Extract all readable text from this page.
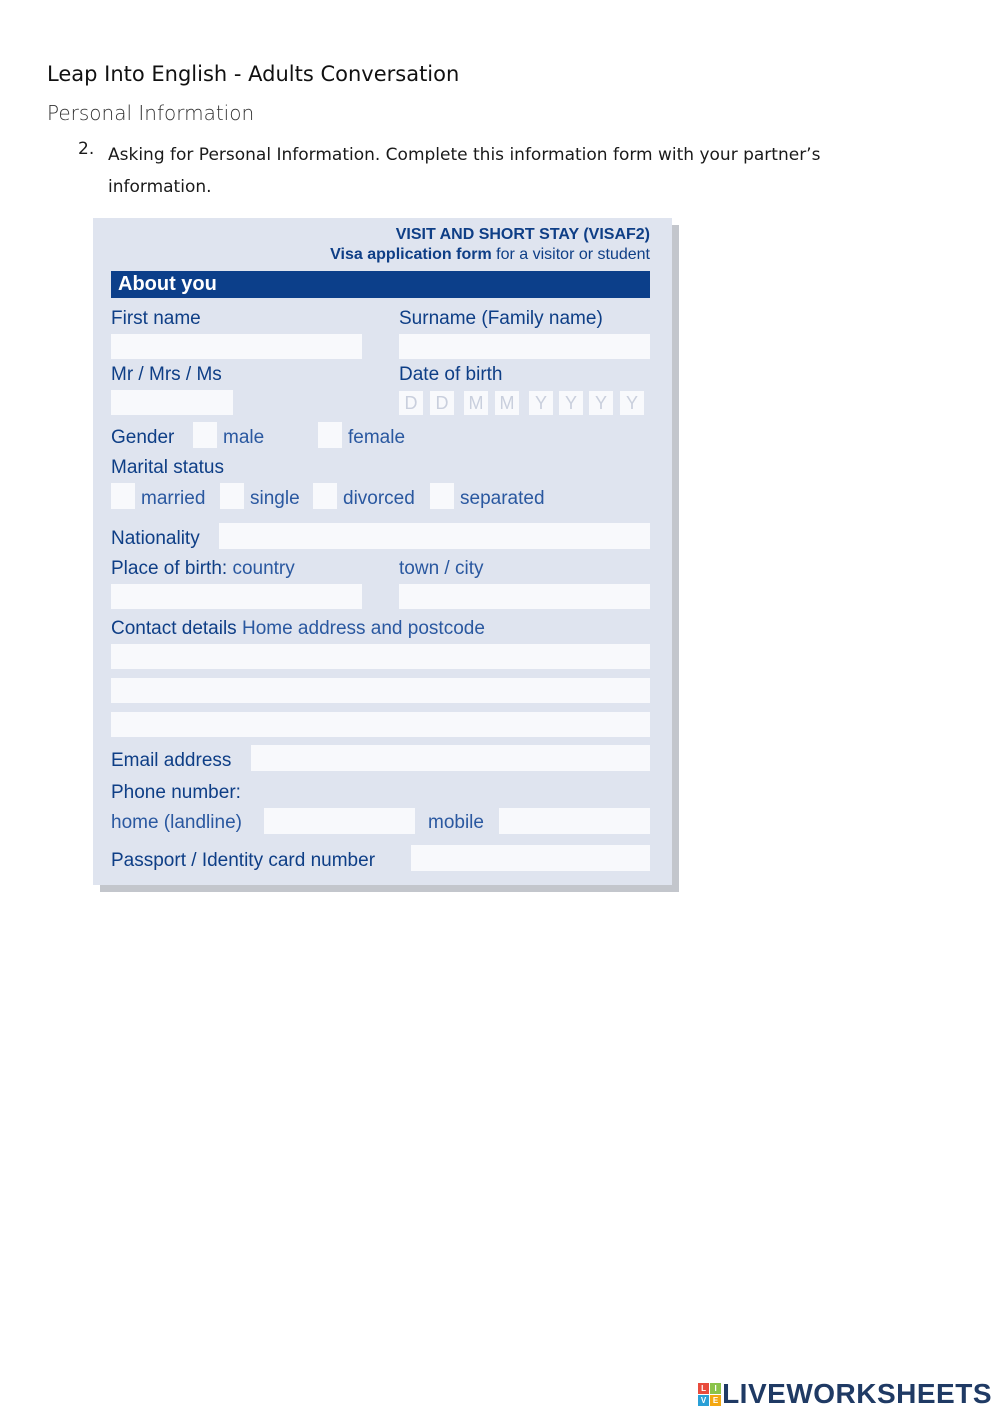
Leap Into English - Adults Conversation
Personal Information
2. Asking for Personal Information. Complete this information form with your partner’s information.
VISIT AND SHORT STAY (VISAF2)
Visa application form for a visitor or student
About you
First name	Surname (Family name)
Mr / Mrs / Ms	Date of birth
D	D	M M	Y Y Y	Y
Gender	male	female
Marital status
married single divorced separated
Nationality
Place of birth: country	town / city
Contact details Home address and postcode
Email address
Phone number:
home (landline)	mobile
Passport / Identity card number
L	I
V E LIVEWORKSHEETS
